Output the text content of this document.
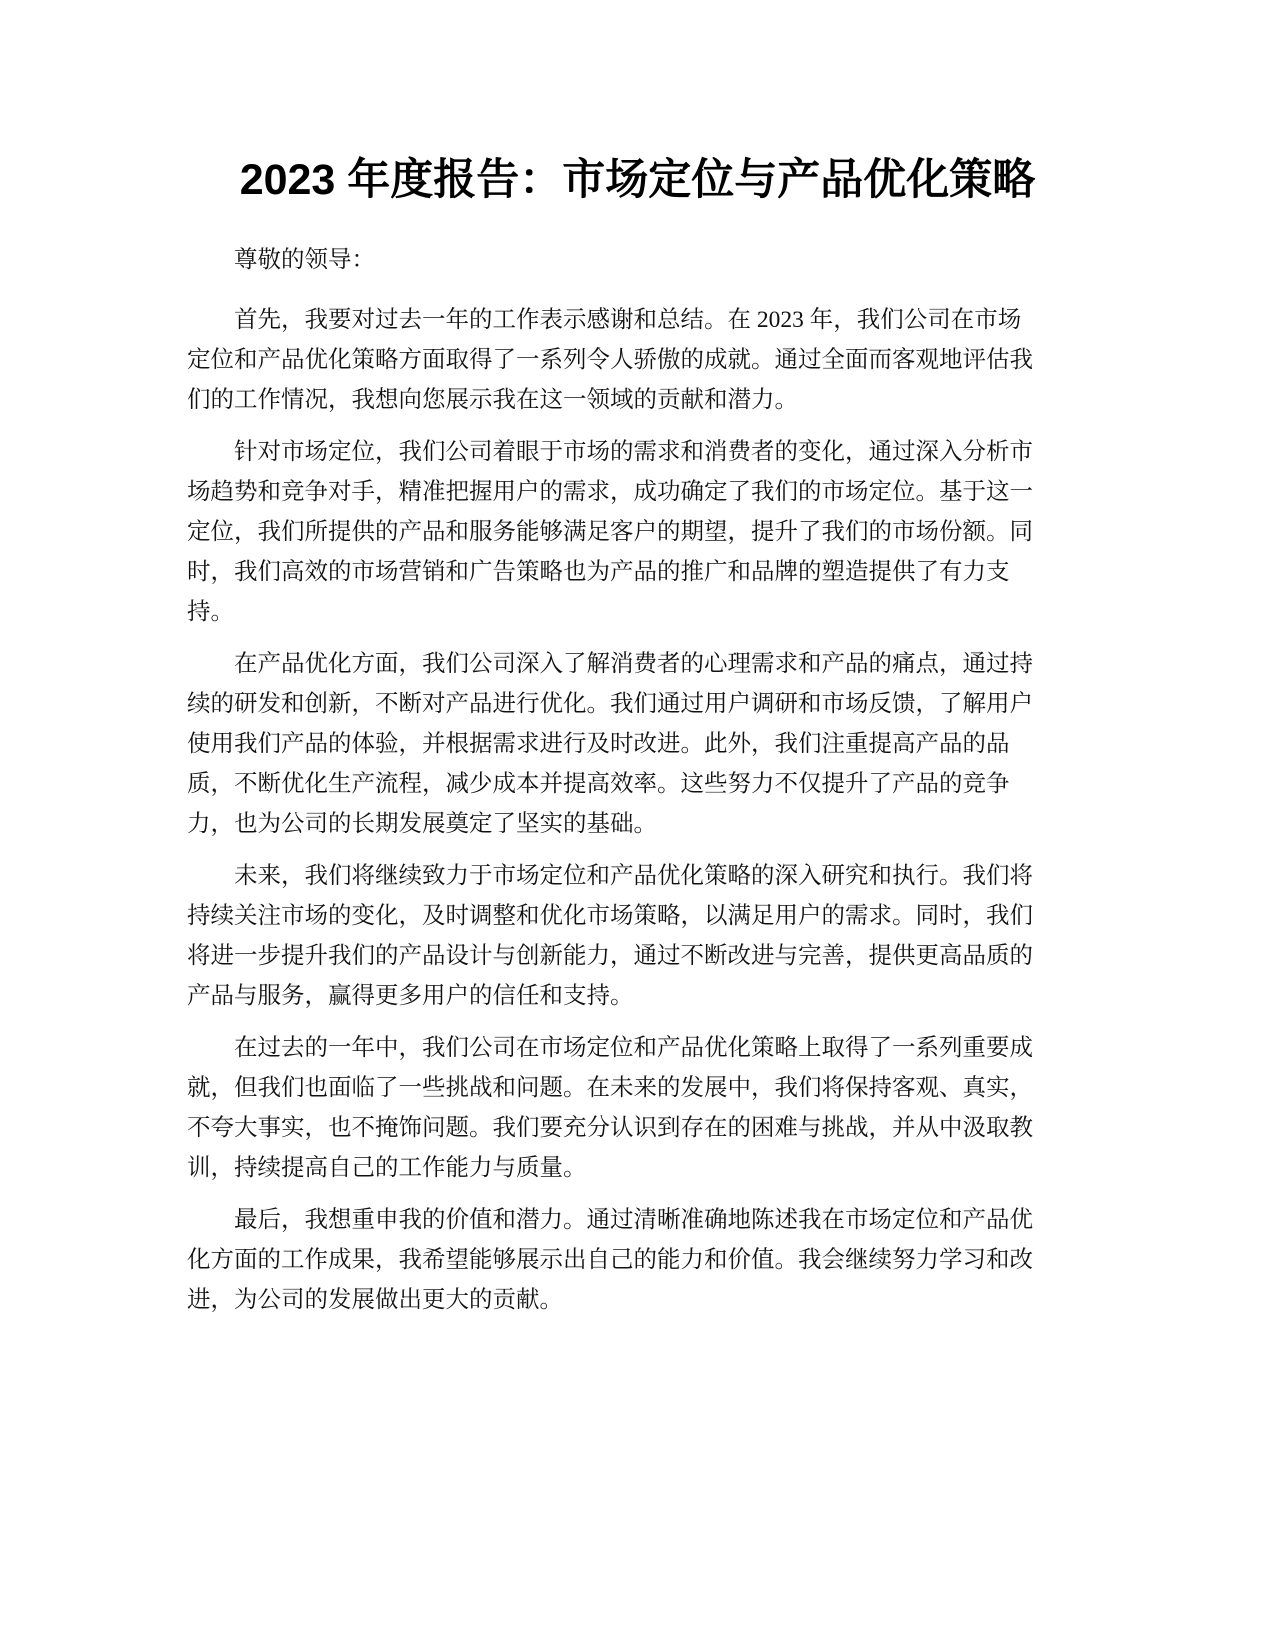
2023 年度报告：市场定位与产品优化策略
尊敬的领导：
首先，我要对过去一年的工作表示感谢和总结。在 2023 年，我们公司在市场
定位和产品优化策略方面取得了一系列令人骄傲的成就。通过全面而客观地评估我
们的工作情况，我想向您展示我在这一领域的贡献和潜力。
针对市场定位，我们公司着眼于市场的需求和消费者的变化，通过深入分析市
场趋势和竞争对手，精准把握用户的需求，成功确定了我们的市场定位。基于这一
定位，我们所提供的产品和服务能够满足客户的期望，提升了我们的市场份额。同
时，我们高效的市场营销和广告策略也为产品的推广和品牌的塑造提供了有力支
持。
在产品优化方面，我们公司深入了解消费者的心理需求和产品的痛点，通过持
续的研发和创新，不断对产品进行优化。我们通过用户调研和市场反馈，了解用户
使用我们产品的体验，并根据需求进行及时改进。此外，我们注重提高产品的品
质，不断优化生产流程，减少成本并提高效率。这些努力不仅提升了产品的竞争
力，也为公司的长期发展奠定了坚实的基础。
未来，我们将继续致力于市场定位和产品优化策略的深入研究和执行。我们将
持续关注市场的变化，及时调整和优化市场策略，以满足用户的需求。同时，我们
将进一步提升我们的产品设计与创新能力，通过不断改进与完善，提供更高品质的
产品与服务，赢得更多用户的信任和支持。
在过去的一年中，我们公司在市场定位和产品优化策略上取得了一系列重要成
就，但我们也面临了一些挑战和问题。在未来的发展中，我们将保持客观、真实，
不夸大事实，也不掩饰问题。我们要充分认识到存在的困难与挑战，并从中汲取教
训，持续提高自己的工作能力与质量。
最后，我想重申我的价值和潜力。通过清晰准确地陈述我在市场定位和产品优
化方面的工作成果，我希望能够展示出自己的能力和价值。我会继续努力学习和改
进，为公司的发展做出更大的贡献。
